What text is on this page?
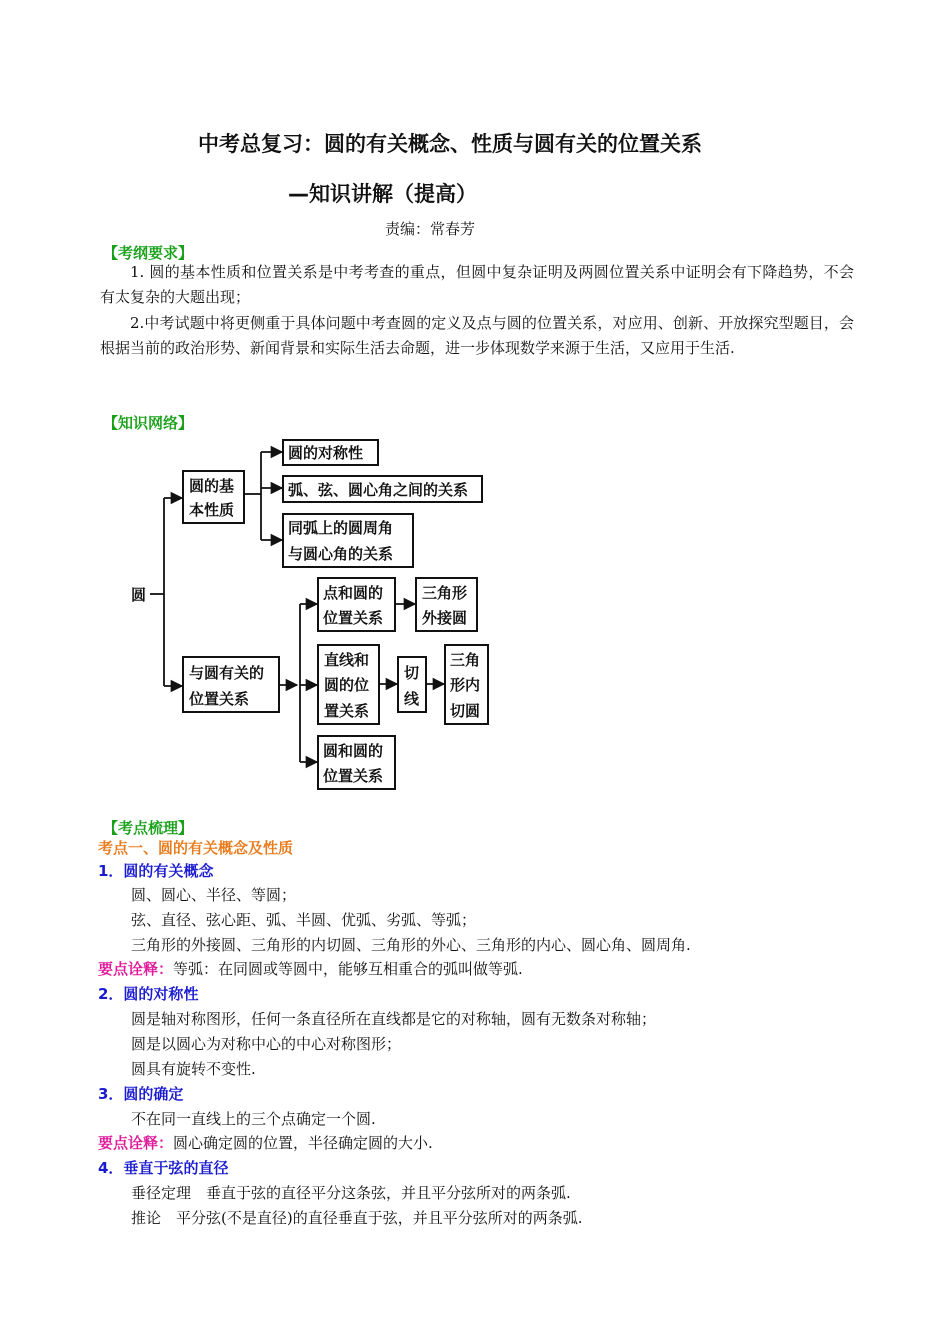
中考总复习：圆的有关概念、性质与圆有关的位置关系
—知识讲解（提高）
责编：常春芳
【考纲要求】

1. 圆的基本性质和位置关系是中考考查的重点，但圆中复杂证明及两圆位置关系中证明会有下降趋势，不会有太复杂的大题出现；

2.中考试题中将更侧重于具体问题中考查圆的定义及点与圆的位置关系，对应用、创新、开放探究型题目，会根据当前的政治形势、新闻背景和实际生活去命题，进一步体现数学来源于生活，又应用于生活.

【知识网络】
圆
圆的基
本性质
圆的对称性
弧、弦、圆心角之间的关系
同弧上的圆周角
与圆心角的关系
与圆有关的
位置关系
点和圆的
位置关系
三角形
外接圆
直线和
圆的位
置关系
切
线
三角
形内
切圆
圆和圆的
位置关系
【考点梳理】
考点一、圆的有关概念及性质
1．圆的有关概念
圆、圆心、半径、等圆；
弦、直径、弦心距、弧、半圆、优弧、劣弧、等弧；
三角形的外接圆、三角形的内切圆、三角形的外心、三角形的内心、圆心角、圆周角.
要点诠释：等弧：在同圆或等圆中，能够互相重合的弧叫做等弧.
2．圆的对称性
圆是轴对称图形，任何一条直径所在直线都是它的对称轴，圆有无数条对称轴；
圆是以圆心为对称中心的中心对称图形；
圆具有旋转不变性.
3．圆的确定
不在同一直线上的三个点确定一个圆.
要点诠释：圆心确定圆的位置，半径确定圆的大小.
4．垂直于弦的直径
垂径定理　垂直于弦的直径平分这条弦，并且平分弦所对的两条弧.
推论　平分弦(不是直径)的直径垂直于弦，并且平分弦所对的两条弧.
